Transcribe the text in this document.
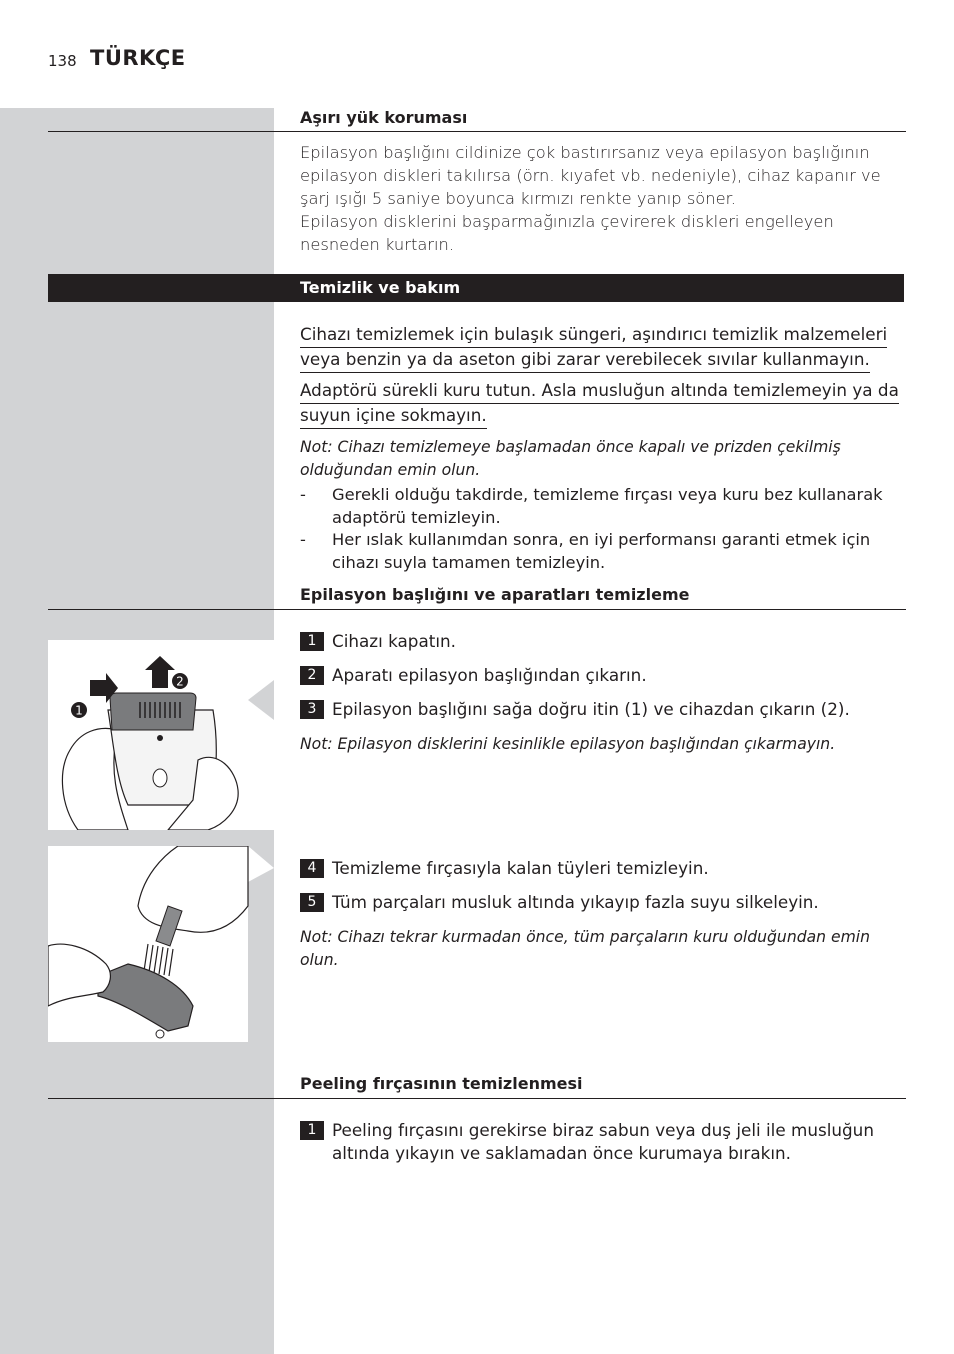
138 TÜRKÇE
Aşırı yük koruması
Epilasyon başlığını cildinize çok bastırırsanız veya epilasyon başlığının epilasyon diskleri takılırsa (örn. kıyafet vb. nedeniyle), cihaz kapanır ve şarj ışığı 5 saniye boyunca kırmızı renkte yanıp söner.
Epilasyon disklerini başparmağınızla çevirerek diskleri engelleyen nesneden kurtarın.
Temizlik ve bakım
Cihazı temizlemek için bulaşık süngeri, aşındırıcı temizlik malzemeleri
veya benzin ya da aseton gibi zarar verebilecek sıvılar kullanmayın.
Adaptörü sürekli kuru tutun. Asla musluğun altında temizlemeyin ya da
suyun içine sokmayın.
Not: Cihazı temizlemeye başlamadan önce kapalı ve prizden çekilmiş olduğundan emin olun.
- Gerekli olduğu takdirde, temizleme fırçası veya kuru bez kullanarak adaptörü temizleyin.
- Her ıslak kullanımdan sonra, en iyi performansı garanti etmek için cihazı suyla tamamen temizleyin.
Epilasyon başlığını ve aparatları temizleme
1 Cihazı kapatın.
2 Aparatı epilasyon başlığından çıkarın.
3 Epilasyon başlığını sağa doğru itin (1) ve cihazdan çıkarın (2).
Not: Epilasyon disklerini kesinlikle epilasyon başlığından çıkarmayın.
1
2
4 Temizleme fırçasıyla kalan tüyleri temizleyin.
5 Tüm parçaları musluk altında yıkayıp fazla suyu silkeleyin.
Not: Cihazı tekrar kurmadan önce, tüm parçaların kuru olduğundan emin olun.
Peeling fırçasının temizlenmesi
1 Peeling fırçasını gerekirse biraz sabun veya duş jeli ile musluğun altında yıkayın ve saklamadan önce kurumaya bırakın.
